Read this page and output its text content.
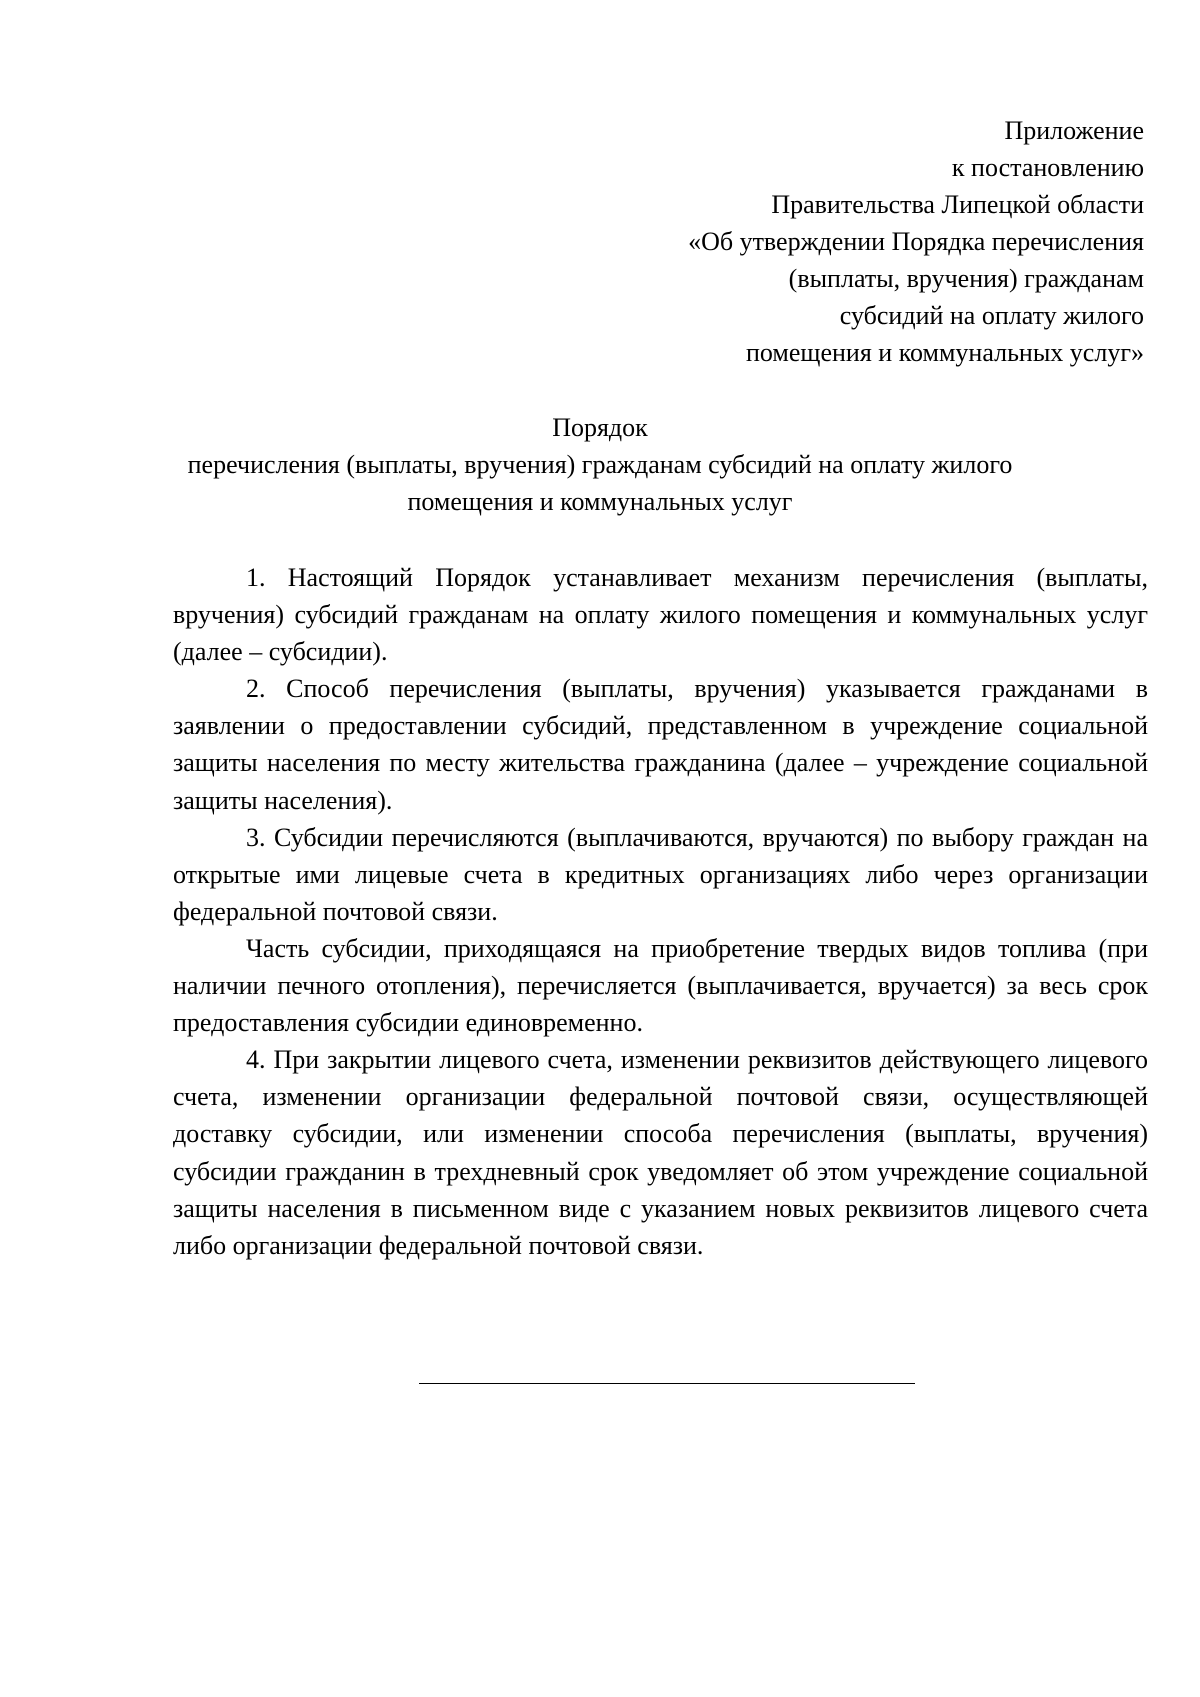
Приложение
к постановлению
Правительства Липецкой области
«Об утверждении Порядка перечисления
(выплаты, вручения) гражданам
субсидий на оплату жилого
помещения и коммунальных услуг»
Порядок
перечисления (выплаты, вручения) гражданам субсидий на оплату жилого
помещения и коммунальных услуг

1. Настоящий Порядок устанавливает механизм перечисления (выплаты, вручения) субсидий гражданам на оплату жилого помещения и коммунальных услуг (далее – субсидии).

2. Способ перечисления (выплаты, вручения) указывается гражданами в заявлении о предоставлении субсидий, представленном в учреждение социальной защиты населения по месту жительства гражданина (далее – учреждение социальной защиты населения).

3. Субсидии перечисляются (выплачиваются, вручаются) по выбору граждан на открытые ими лицевые счета в кредитных организациях либо через организации федеральной почтовой связи.

Часть субсидии, приходящаяся на приобретение твердых видов топлива (при наличии печного отопления), перечисляется (выплачивается, вручается) за весь срок предоставления субсидии единовременно.

4. При закрытии лицевого счета, изменении реквизитов действующего лицевого счета, изменении организации федеральной почтовой связи, осуществляющей доставку субсидии, или изменении способа перечисления (выплаты, вручения) субсидии гражданин в трехдневный срок уведомляет об этом учреждение социальной защиты населения в письменном виде с указанием новых реквизитов лицевого счета либо организации федеральной почтовой связи.
